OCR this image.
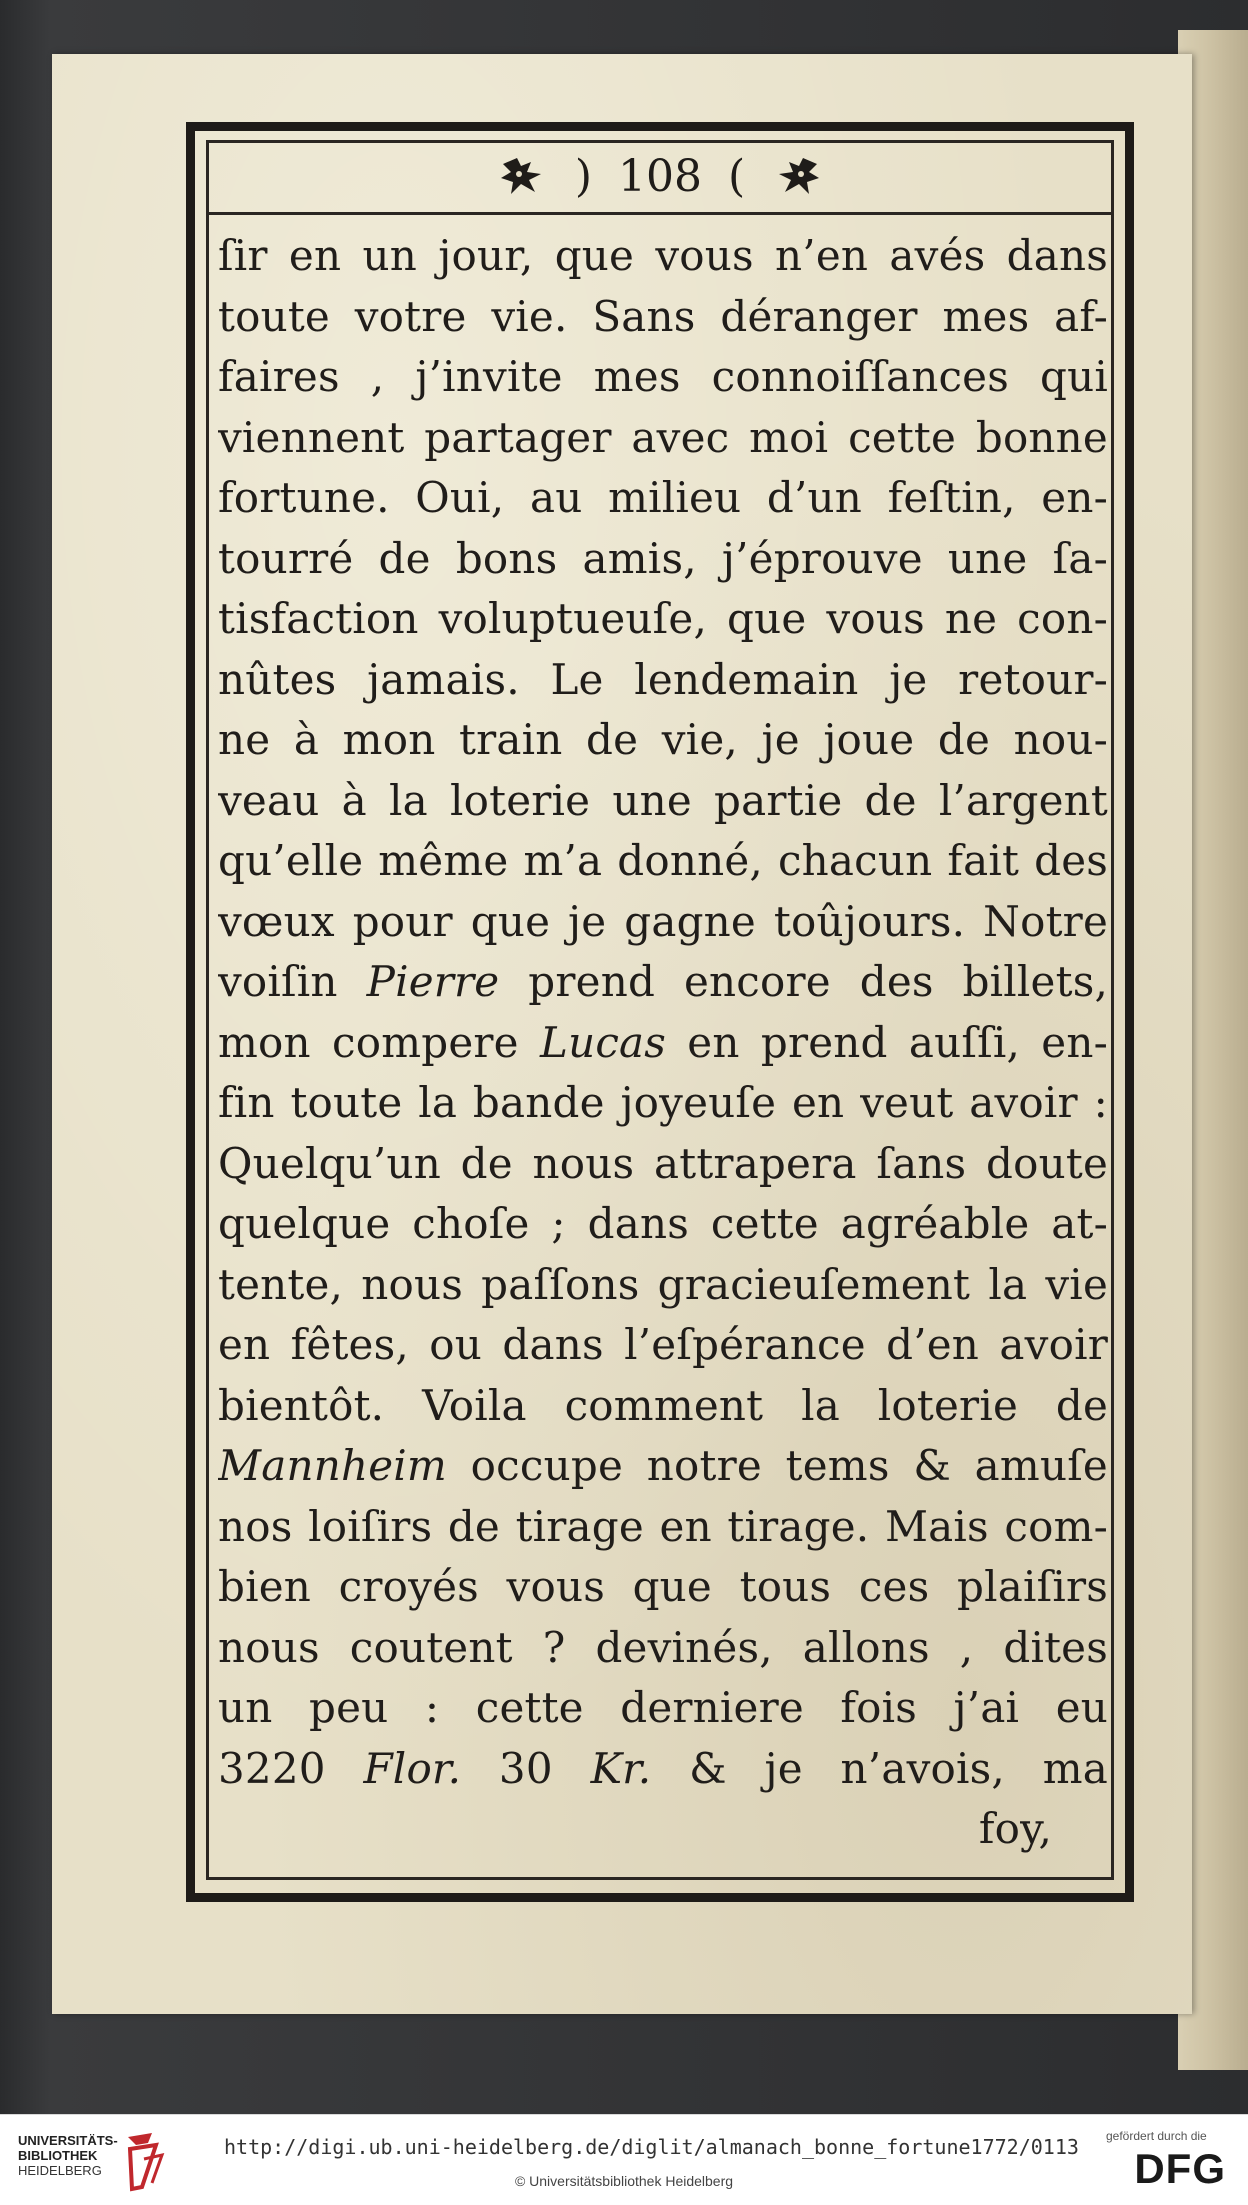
) 108 (
ſir en un jour, que vous n’en avés dans
toute votre vie. Sans déranger mes af-
faires , j’invite mes connoiſſances qui
viennent partager avec moi cette bonne
fortune. Oui, au milieu d’un feſtin, en-
tourré de bons amis, j’éprouve une ſa-
tisfaction voluptueuſe, que vous ne con-
nûtes jamais. Le lendemain je retour-
ne à mon train de vie, je joue de nou-
veau à la loterie une partie de l’argent
qu’elle même m’a donné, chacun fait des
vœux pour que je gagne toûjours. Notre
voiſin Pierre prend encore des billets,
mon compere Lucas en prend auſſi, en-
fin toute la bande joyeuſe en veut avoir :
Quelqu’un de nous attrapera ſans doute
quelque choſe ; dans cette agréable at-
tente, nous paſſons gracieuſement la vie
en fêtes, ou dans l’eſpérance d’en avoir
bientôt. Voila comment la loterie de
Mannheim occupe notre tems & amuſe
nos loiſirs de tirage en tirage. Mais com-
bien croyés vous que tous ces plaiſirs
nous coutent ? devinés, allons , dites
un peu : cette derniere fois j’ai eu
3220 Flor. 30 Kr. & je n’avois, ma
foy,
UNIVERSITÄTS-
BIBLIOTHEK
HEIDELBERG
http://digi.ub.uni-heidelberg.de/diglit/almanach_bonne_fortune1772/0113
© Universitätsbibliothek Heidelberg
gefördert durch die
DFG
